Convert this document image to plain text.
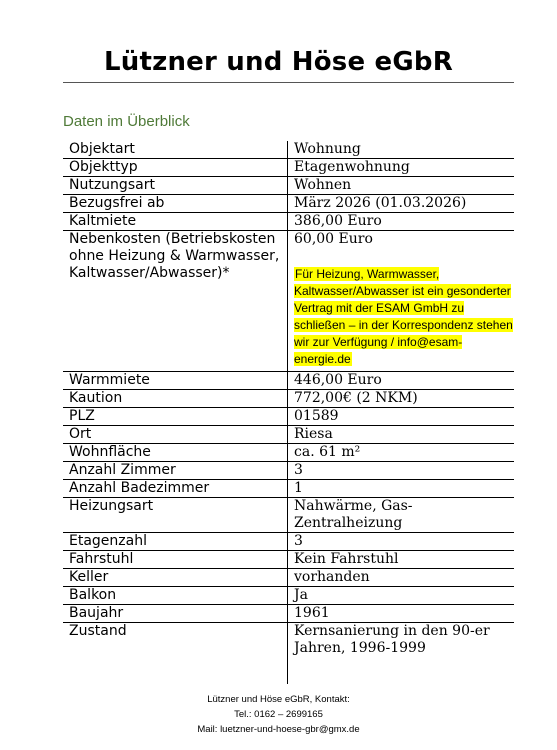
Lützner und Höse eGbR
Daten im Überblick
Objektart	Wohnung
Objekttyp	Etagenwohnung
Nutzungsart	Wohnen
Bezugsfrei ab	März 2026 (01.03.2026)
Kaltmiete	386,00 Euro
Nebenkosten (Betriebskosten ohne Heizung & Warmwasser, Kaltwasser/Abwasser)*	60,00 Euro
Für Heizung, Warmwasser, Kaltwasser/Abwasser ist ein gesonderter Vertrag mit der ESAM GmbH zu schließen – in der Korrespondenz stehen wir zur Verfügung / info@esam-energie.de

Warmmiete	446,00 Euro
Kaution	772,00€ (2 NKM)
PLZ	01589
Ort	Riesa
Wohnfläche	ca. 61 m²
Anzahl Zimmer	3
Anzahl Badezimmer	1
Heizungsart	Nahwärme, Gas-Zentralheizung
Etagenzahl	3
Fahrstuhl	Kein Fahrstuhl
Keller	vorhanden
Balkon	Ja
Baujahr	1961
Zustand	Kernsanierung in den 90-er Jahren, 1996-1999
Lützner und Höse eGbR, Kontakt:
Tel.: 0162 – 2699165
Mail: luetzner-und-hoese-gbr@gmx.de
